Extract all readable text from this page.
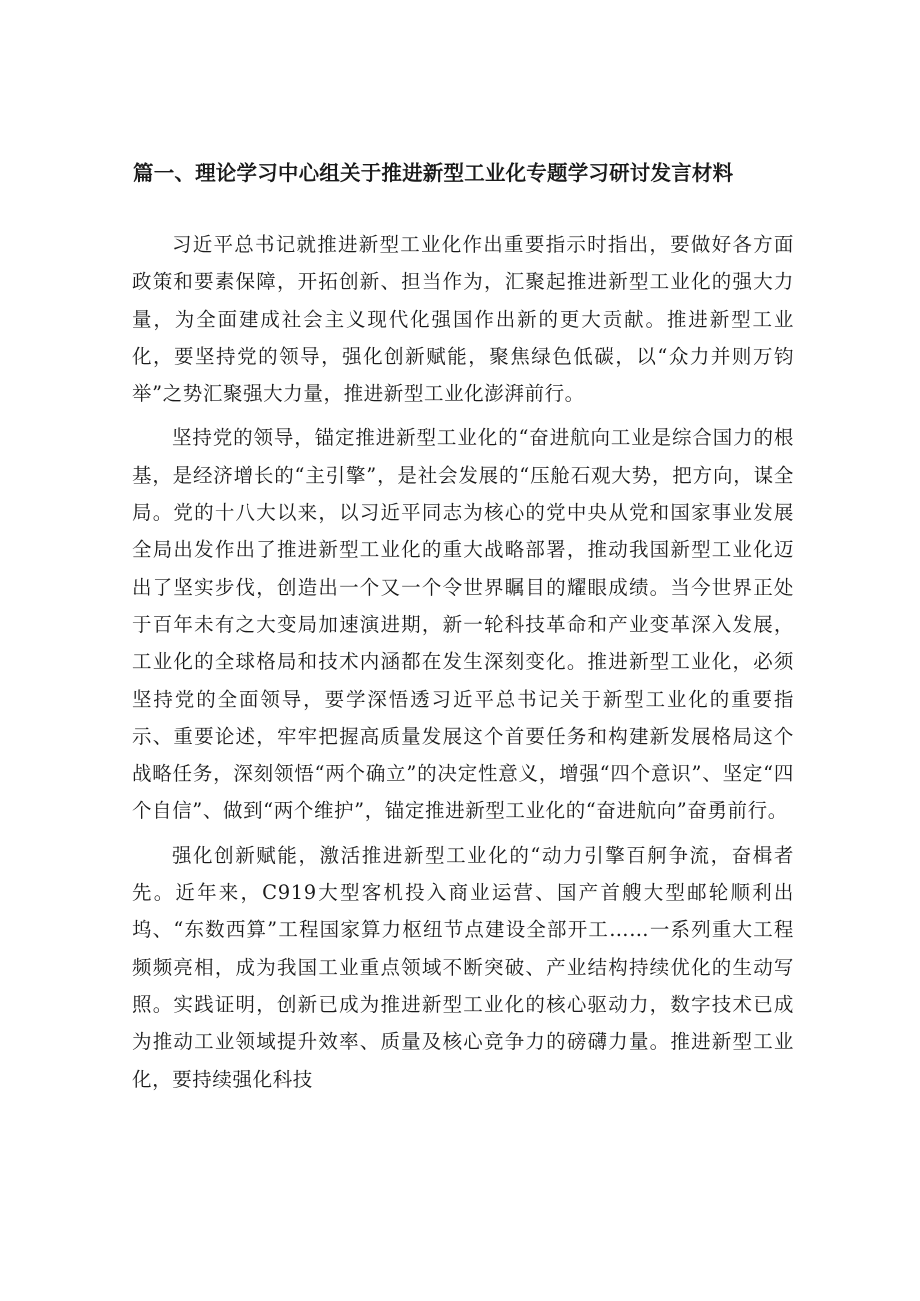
篇一、理论学习中心组关于推进新型工业化专题学习研讨发言材料

习近平总书记就推进新型工业化作出重要指示时指出，要做好各方面政策和要素保障，开拓创新、担当作为，汇聚起推进新型工业化的强大力量，为全面建成社会主义现代化强国作出新的更大贡献。推进新型工业化，要坚持党的领导，强化创新赋能，聚焦绿色低碳，以“众力并则万钧举”之势汇聚强大力量，推进新型工业化澎湃前行。

坚持党的领导，锚定推进新型工业化的“奋进航向工业是综合国力的根基，是经济增长的“主引擎”，是社会发展的“压舱石观大势，把方向，谋全局。党的十八大以来，以习近平同志为核心的党中央从党和国家事业发展全局出发作出了推进新型工业化的重大战略部署，推动我国新型工业化迈出了坚实步伐，创造出一个又一个令世界瞩目的耀眼成绩。当今世界正处于百年未有之大变局加速演进期，新一轮科技革命和产业变革深入发展，工业化的全球格局和技术内涵都在发生深刻变化。推进新型工业化，必须坚持党的全面领导，要学深悟透习近平总书记关于新型工业化的重要指示、重要论述，牢牢把握高质量发展这个首要任务和构建新发展格局这个战略任务，深刻领悟“两个确立”的决定性意义，增强“四个意识”、坚定“四个自信”、做到“两个维护”，锚定推进新型工业化的“奋进航向”奋勇前行。

强化创新赋能，激活推进新型工业化的“动力引擎百舸争流，奋楫者先。近年来，C919大型客机投入商业运营、国产首艘大型邮轮顺利出坞、“东数西算”工程国家算力枢纽节点建设全部开工……一系列重大工程频频亮相，成为我国工业重点领域不断突破、产业结构持续优化的生动写照。实践证明，创新已成为推进新型工业化的核心驱动力，数字技术已成为推动工业领域提升效率、质量及核心竞争力的磅礴力量。推进新型工业化，要持续强化科技
